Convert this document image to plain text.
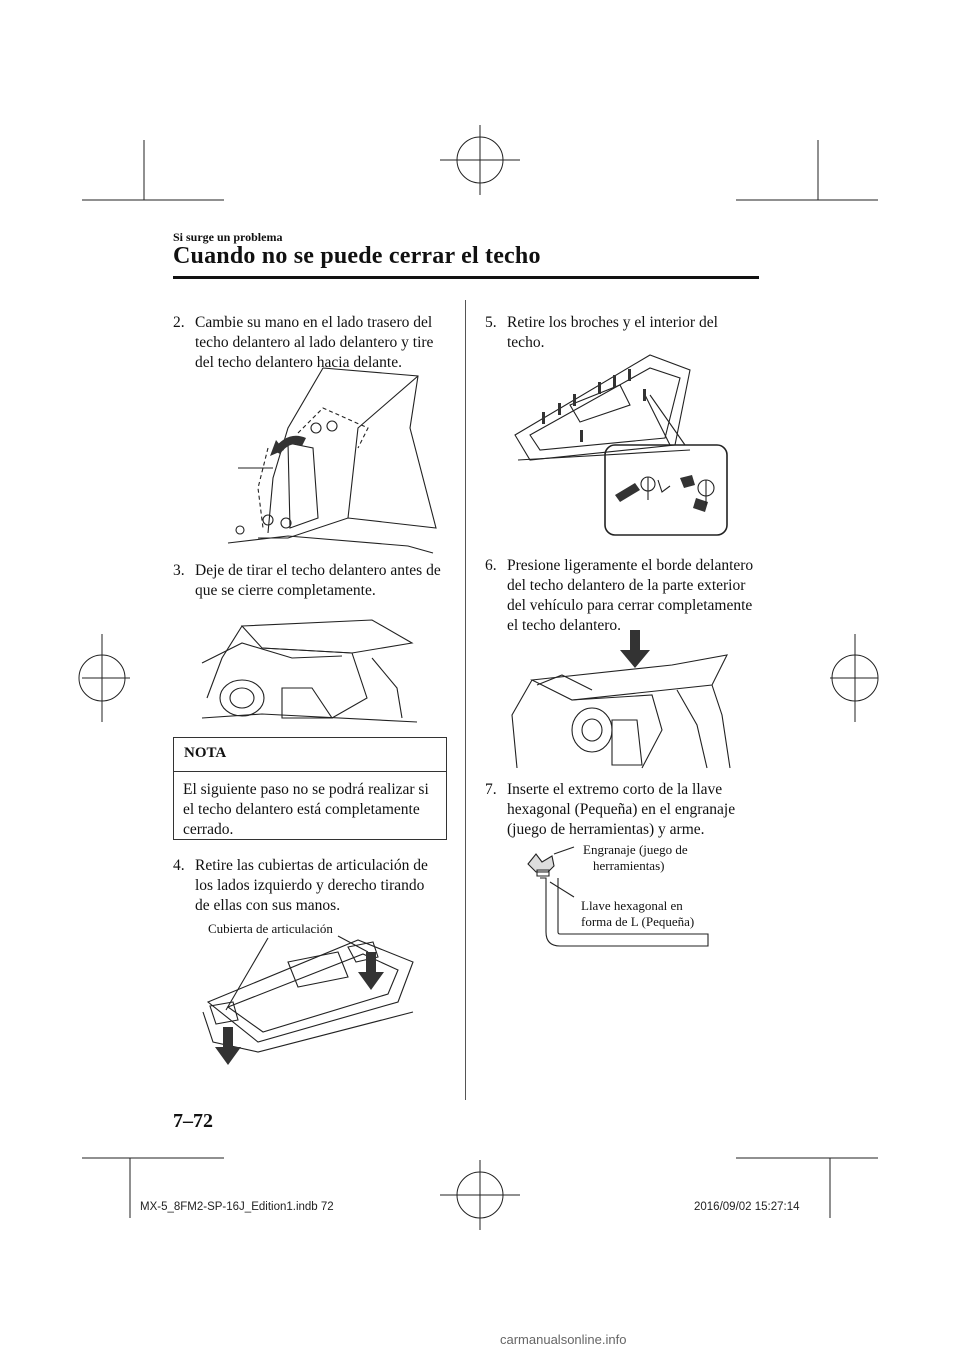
Si surge un problema
Cuando no se puede cerrar el techo
2. Cambie su mano en el lado trasero del
techo delantero al lado delantero y tire
del techo delantero hacia delante.
3. Deje de tirar el techo delantero antes de
que se cierre completamente.
NOTA
El siguiente paso no se podrá realizar si
el techo delantero está completamente
cerrado.
4. Retire las cubiertas de articulación de
los lados izquierdo y derecho tirando
de ellas con sus manos.
Cubierta de articulación
5. Retire los broches y el interior del
techo.
6. Presione ligeramente el borde delantero
del techo delantero de la parte exterior
del vehículo para cerrar completamente
el techo delantero.
7. Inserte el extremo corto de la llave
hexagonal (Pequeña) en el engranaje
(juego de herramientas) y arme.
Engranaje (juego de
herramientas)
Llave hexagonal en
forma de L (Pequeña)
7–72
MX-5_8FM2-SP-16J_Edition1.indb 72	2016/09/02 15:27:14
carmanualsonline.info
